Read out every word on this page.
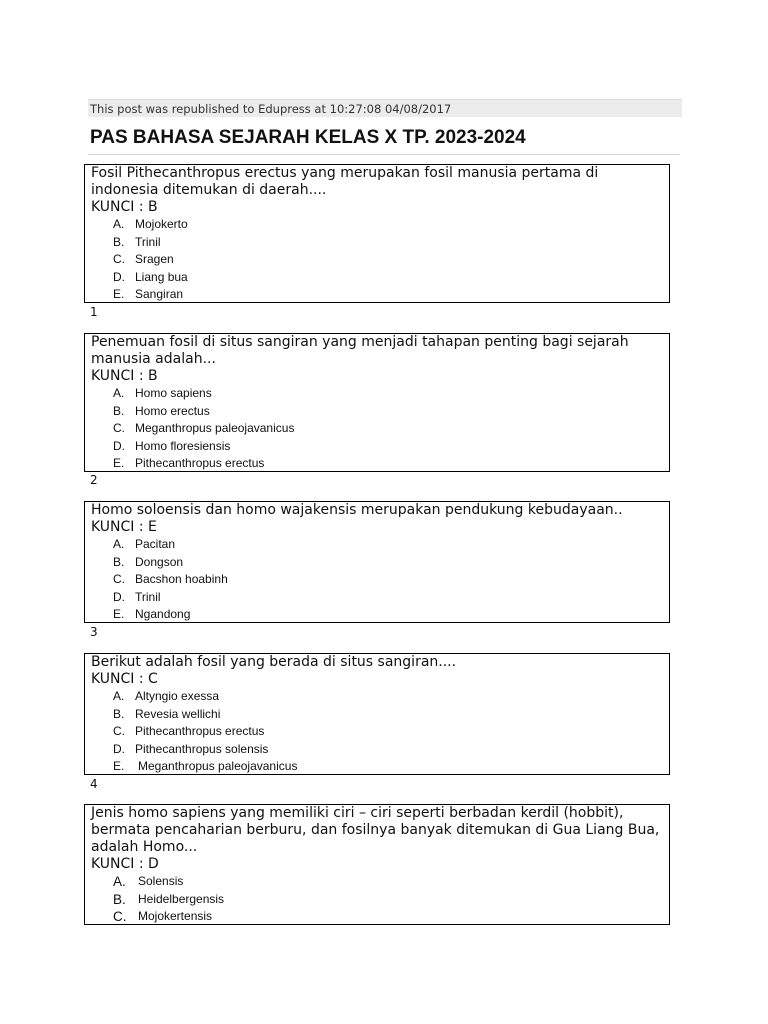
This post was republished to Edupress at 10:27:08 04/08/2017
PAS BAHASA SEJARAH KELAS X TP. 2023-2024

Fosil Pithecanthropus erectus yang merupakan fosil manusia pertama di indonesia ditemukan di daerah....

KUNCI : B

A. Mojokerto
B. Trinil
C. Sragen
D. Liang bua
E. Sangiran
1

Penemuan fosil di situs sangiran yang menjadi tahapan penting bagi sejarah manusia adalah...

KUNCI : B

A. Homo sapiens
B. Homo erectus
C. Meganthropus paleojavanicus
D. Homo floresiensis
E. Pithecanthropus erectus
2

Homo soloensis dan homo wajakensis merupakan pendukung kebudayaan..

KUNCI : E

A. Pacitan
B. Dongson
C. Bacshon hoabinh
D. Trinil
E. Ngandong
3

Berikut adalah fosil yang berada di situs sangiran....

KUNCI : C

A. Altyngio exessa
B. Revesia wellichi
C. Pithecanthropus erectus
D. Pithecanthropus solensis
E.	Meganthropus paleojavanicus
4

Jenis homo sapiens yang memiliki ciri – ciri seperti berbadan kerdil (hobbit), bermata pencaharian berburu, dan fosilnya banyak ditemukan di Gua Liang Bua, adalah Homo...

KUNCI : D

A.	Solensis
B.	Heidelbergensis
C. Mojokertensis
